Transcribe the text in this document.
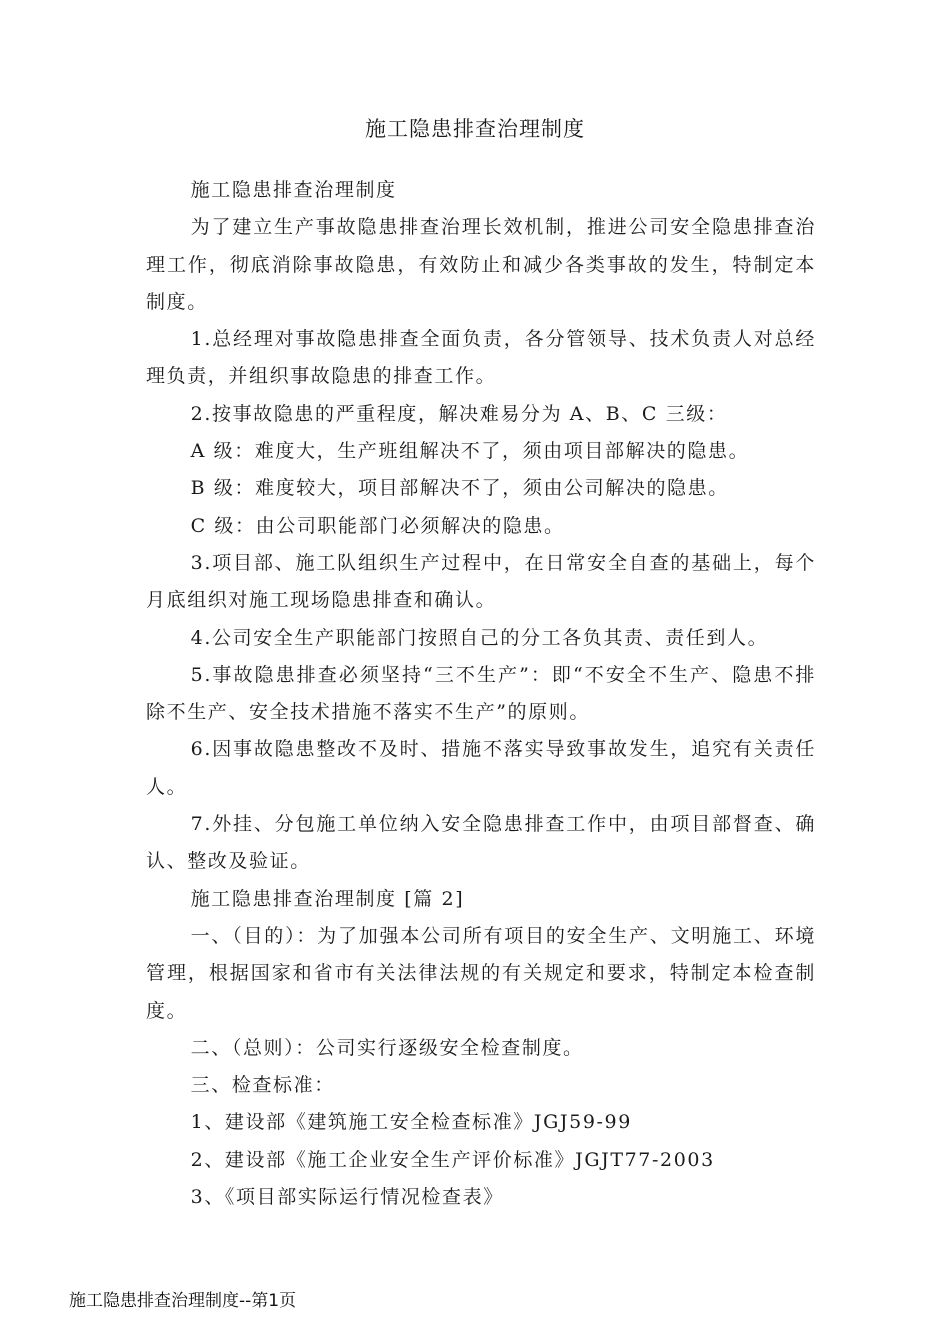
施工隐患排查治理制度

施工隐患排查治理制度

为了建立生产事故隐患排查治理长效机制，推进公司安全隐患排查治理工作，彻底消除事故隐患，有效防止和减少各类事故的发生，特制定本制度。

1.总经理对事故隐患排查全面负责，各分管领导、技术负责人对总经理负责，并组织事故隐患的排查工作。

2.按事故隐患的严重程度，解决难易分为 A、B、C 三级：

A 级：难度大，生产班组解决不了，须由项目部解决的隐患。

B 级：难度较大，项目部解决不了，须由公司解决的隐患。

C 级：由公司职能部门必须解决的隐患。

3.项目部、施工队组织生产过程中，在日常安全自查的基础上，每个月底组织对施工现场隐患排查和确认。

4.公司安全生产职能部门按照自己的分工各负其责、责任到人。

5.事故隐患排查必须坚持“三不生产”：即“不安全不生产、隐患不排除不生产、安全技术措施不落实不生产”的原则。

6.因事故隐患整改不及时、措施不落实导致事故发生，追究有关责任人。

7.外挂、分包施工单位纳入安全隐患排查工作中，由项目部督查、确认、整改及验证。

施工隐患排查治理制度 [篇 2]

一、（目的）：为了加强本公司所有项目的安全生产、文明施工、环境管理，根据国家和省市有关法律法规的有关规定和要求，特制定本检查制度。

二、（总则）：公司实行逐级安全检查制度。

三、检查标准：

1、建设部《建筑施工安全检查标准》JGJ59-99

2、建设部《施工企业安全生产评价标准》JGJT77-2003

3、《项目部实际运行情况检查表》

施工隐患排查治理制度--第1页
